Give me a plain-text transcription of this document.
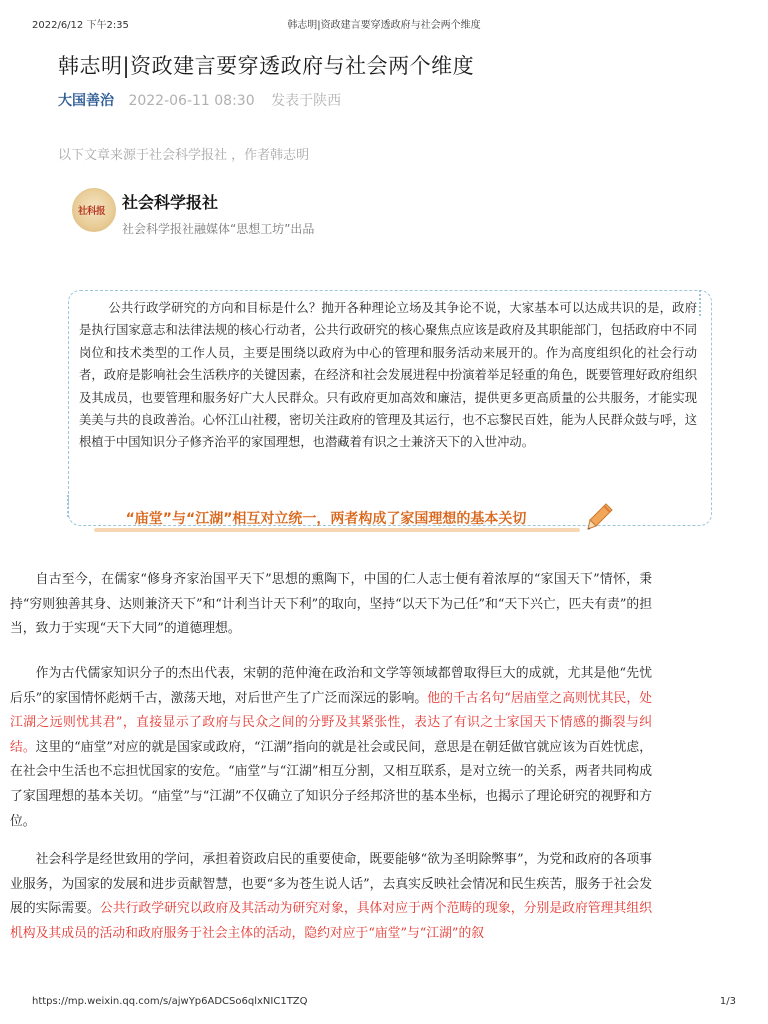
2022/6/12 下午2:35	韩志明|资政建言要穿透政府与社会两个维度
韩志明|资政建言要穿透政府与社会两个维度
大国善治 2022-06-11 08:30 发表于陕西
以下文章来源于社会科学报社 ，作者韩志明
社科报 社会科学报社
社会科学报社融媒体“思想工坊”出品
公共行政学研究的方向和目标是什么？抛开各种理论立场及其争论不说，大家基本可以达成共识的是，政府是执行国家意志和法律法规的核心行动者，公共行政研究的核心聚焦点应该是政府及其职能部门，包括政府中不同岗位和技术类型的工作人员，主要是围绕以政府为中心的管理和服务活动来展开的。作为高度组织化的社会行动者，政府是影响社会生活秩序的关键因素，在经济和社会发展进程中扮演着举足轻重的角色，既要管理好政府组织及其成员，也要管理和服务好广大人民群众。只有政府更加高效和廉洁，提供更多更高质量的公共服务，才能实现美美与共的良政善治。心怀江山社稷，密切关注政府的管理及其运行，也不忘黎民百姓，能为人民群众鼓与呼，这根植于中国知识分子修齐治平的家国理想，也潜藏着有识之士兼济天下的入世冲动。
“庙堂”与“江湖”相互对立统一，两者构成了家国理想的基本关切
自古至今，在儒家“修身齐家治国平天下”思想的熏陶下，中国的仁人志士便有着浓厚的“家国天下”情怀，秉持“穷则独善其身、达则兼济天下”和“计利当计天下利”的取向，坚持“以天下为己任”和“天下兴亡，匹夫有责”的担当，致力于实现“天下大同”的道德理想。
作为古代儒家知识分子的杰出代表，宋朝的范仲淹在政治和文学等领域都曾取得巨大的成就，尤其是他“先忧后乐”的家国情怀彪炳千古，激荡天地，对后世产生了广泛而深远的影响。他的千古名句“居庙堂之高则忧其民，处江湖之远则忧其君”，直接显示了政府与民众之间的分野及其紧张性，表达了有识之士家国天下情感的撕裂与纠结。这里的“庙堂”对应的就是国家或政府，“江湖”指向的就是社会或民间，意思是在朝廷做官就应该为百姓忧虑，在社会中生活也不忘担忧国家的安危。“庙堂”与“江湖”相互分割，又相互联系，是对立统一的关系，两者共同构成了家国理想的基本关切。“庙堂”与“江湖”不仅确立了知识分子经邦济世的基本坐标，也揭示了理论研究的视野和方位。
社会科学是经世致用的学问，承担着资政启民的重要使命，既要能够“欲为圣明除弊事”，为党和政府的各项事业服务，为国家的发展和进步贡献智慧，也要“多为苍生说人话”，去真实反映社会情况和民生疾苦，服务于社会发展的实际需要。公共行政学研究以政府及其活动为研究对象，具体对应于两个范畴的现象，分别是政府管理其组织机构及其成员的活动和政府服务于社会主体的活动，隐约对应于“庙堂”与“江湖”的叙
https://mp.weixin.qq.com/s/ajwYp6ADCSo6qlxNIC1TZQ	1/3
